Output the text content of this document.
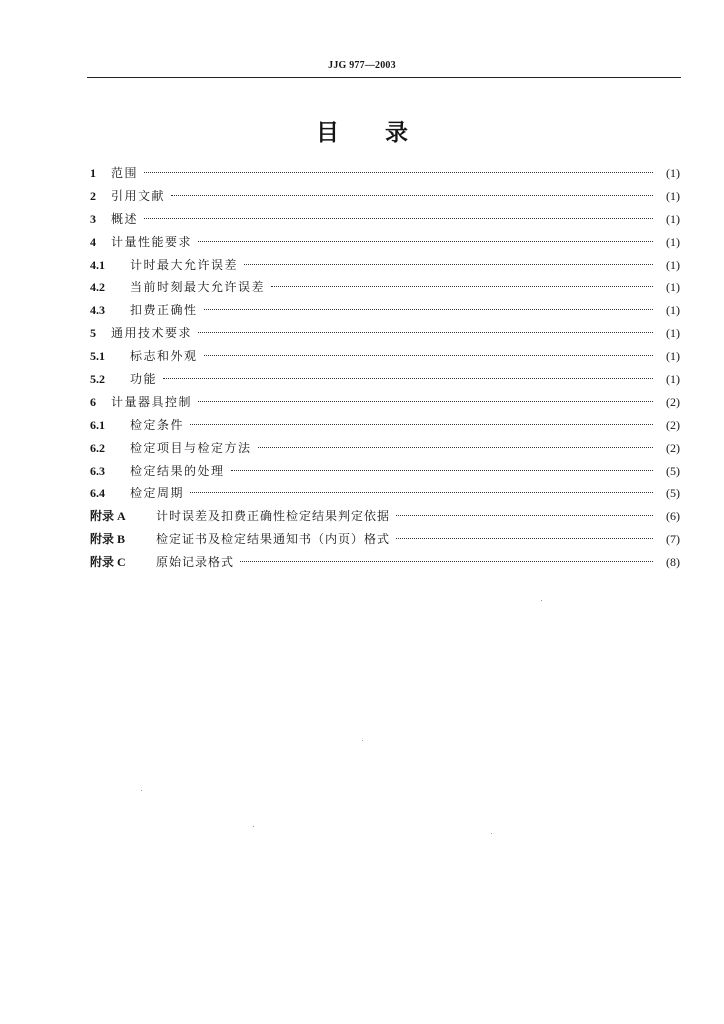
JJG 977—2003
目录
1	范围	(1)
2	引用文献	(1)
3	概述	(1)
4	计量性能要求	(1)
4.1	计时最大允许误差	(1)
4.2	当前时刻最大允许误差	(1)
4.3	扣费正确性	(1)
5	通用技术要求	(1)
5.1	标志和外观	(1)
5.2	功能	(1)
6	计量器具控制	(2)
6.1	检定条件	(2)
6.2	检定项目与检定方法	(2)
6.3	检定结果的处理	(5)
6.4	检定周期	(5)
附录 A	计时误差及扣费正确性检定结果判定依据	(6)
附录 B	检定证书及检定结果通知书（内页）格式	(7)
附录 C	原始记录格式	(8)
